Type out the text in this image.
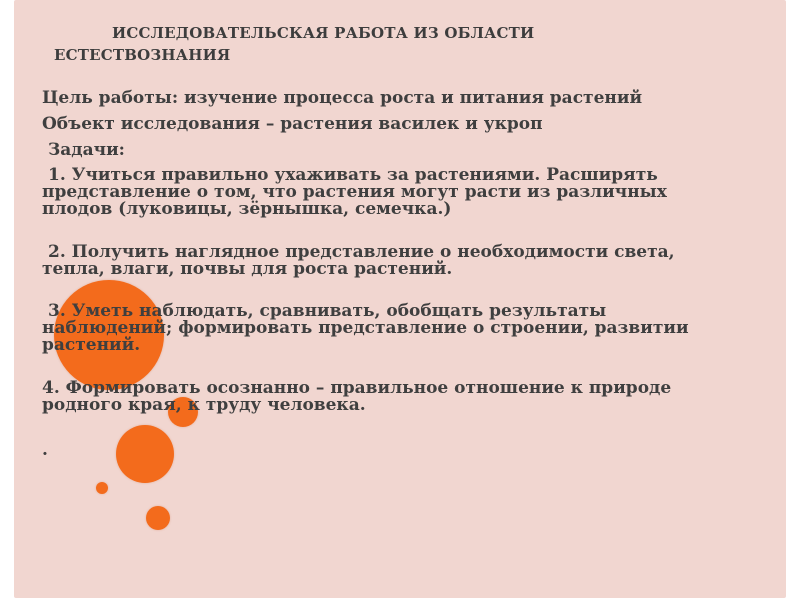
ИССЛЕДОВАТЕЛЬСКАЯ РАБОТА ИЗ ОБЛАСТИ
ЕСТЕСТВОЗНАНИЯ

Цель работы: изучение процесса роста и питания растений

Объект исследования – растения василек и укроп

Задачи:

1. Учиться правильно ухаживать за растениями. Расширять

представление о том, что растения могут расти из различных

плодов (луковицы, зёрнышка, семечка.)

2. Получить наглядное представление о необходимости света,

тепла, влаги, почвы для роста растений.

3. Уметь наблюдать, сравнивать, обобщать результаты

наблюдений; формировать представление о строении, развитии

растений.

4. Формировать осознанно – правильное отношение к природе

родного края, к труду человека.

.
